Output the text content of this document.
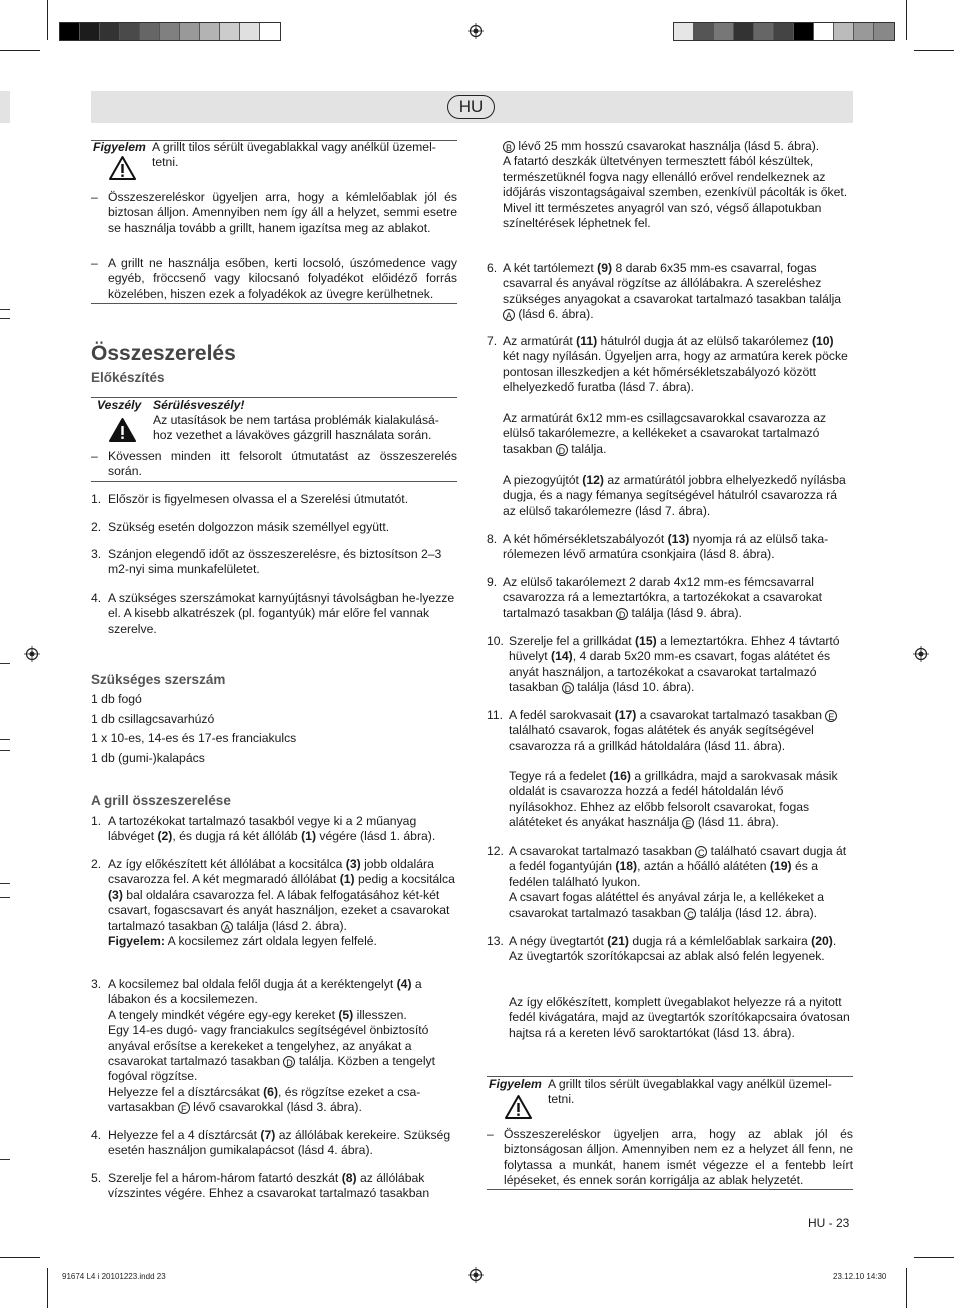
HU
Figyelem A grillt tilos sérült üvegablakkal vagy anélkül üzemel-tetni.
– Összeszereléskor ügyeljen arra, hogy a kémlelőablak jól és biztosan álljon. Amennyiben nem így áll a helyzet, semmi esetre se használja tovább a grillt, hanem igazítsa meg az ablakot.
– A grillt ne használja esőben, kerti locsoló, úszómedence vagy egyéb, fröccsenő vagy kilocsanó folyadékot előidéző forrás közelében, hiszen ezek a folyadékok az üvegre kerülhetnek.
Összeszerelés
Előkészítés
Veszély Sérülésveszély!
Az utasítások be nem tartása problémák kialakulásá-hoz vezethet a lávaköves gázgrill használata során.
– Kövessen minden itt felsorolt útmutatást az összeszerelés során.
1. Először is figyelmesen olvassa el a Szerelési útmutatót.
2. Szükség esetén dolgozzon másik személlyel együtt.
3. Szánjon elegendő időt az összeszerelésre, és biztosítson 2–3 m2-nyi sima munkafelületet.
4. A szükséges szerszámokat karnyújtásnyi távolságban he-lyezze el. A kisebb alkatrészek (pl. fogantyúk) már előre fel vannak szerelve.
Szükséges szerszám
1 db fogó
1 db csillagcsavarhúzó
1 x 10-es, 14-es és 17-es franciakulcs
1 db (gumi-)kalapács
A grill összeszerelése
1. A tartozékokat tartalmazó tasakból vegye ki a 2 műanyag lábvéget (2), és dugja rá két állóláb (1) végére (lásd 1. ábra).
2. Az így előkészített két állólábat a kocsitálca (3) jobb oldalára csavarozza fel. A két megmaradó állólábat (1) pedig a kocsitálca (3) bal oldalára csavarozza fel. A lábak felfogatásához két-két csavart, fogascsavart és anyát használjon, ezeket a csavarokat tartalmazó tasakban A találja (lásd 2. ábra).
Figyelem: A kocsilemez zárt oldala legyen felfelé.
3. A kocsilemez bal oldala felől dugja át a keréktengelyt (4) a lábakon és a kocsilemezen.
A tengely mindkét végére egy-egy kereket (5) illesszen.
Egy 14-es dugó- vagy franciakulcs segítségével önbiztosító anyával erősítse a kerekeket a tengelyhez, az anyákat a csavarokat tartalmazó tasakban D találja. Közben a tengelyt fogóval rögzítse.
Helyezze fel a dísztárcsákat (6), és rögzítse ezeket a csavartasakban F lévő csavarokkal (lásd 3. ábra).
4. Helyezze fel a 4 dísztárcsát (7) az állólábak kerekeire. Szükség esetén használjon gumikalapácsot (lásd 4. ábra).
5. Szerelje fel a három-három fatartó deszkát (8) az állólábak vízszintes végére. Ehhez a csavarokat tartalmazó tasakban
B lévő 25 mm hosszú csavarokat használja (lásd 5. ábra).
A fatartó deszkák ültetvényen termesztett fából készültek, természetüknél fogva nagy ellenálló erővel rendelkeznek az időjárás viszontagságaival szemben, ezenkívül pácolták is őket.
Mivel itt természetes anyagról van szó, végső állapotukban színeltérések léphetnek fel.
6. A két tartólemezt (9) 8 darab 6x35 mm-es csavarral, fogas csavarral és anyával rögzítse az állólábakra. A szereléshez szükséges anyagokat a csavarokat tartalmazó tasakban találja A (lásd 6. ábra).
7. Az armatúrát (11) hátulról dugja át az elülső takarólemez (10) két nagy nyílásán. Ügyeljen arra, hogy az armatúra kerek pöcke pontosan illeszkedjen a két hőmérsékletszabályozó között elhelyezkedő furatba (lásd 7. ábra).
Az armatúrát 6x12 mm-es csillagcsavarokkal csavarozza az elülső takarólemezre, a kellékeket a csavarokat tartalmazó tasakban D találja.
A piezogyújtót (12) az armatúrától jobbra elhelyezkedő nyílásba dugja, és a nagy fémanya segítségével hátulról csavarozza rá az elülső takarólemezre (lásd 7. ábra).
8. A két hőmérsékletszabályozót (13) nyomja rá az elülső takarólemezen lévő armatúra csonkjaira (lásd 8. ábra).
9. Az elülső takarólemezt 2 darab 4x12 mm-es fémcsavarral csavarozza rá a lemeztartókra, a tartozékokat a csavarokat tartalmazó tasakban D találja (lásd 9. ábra).
10. Szerelje fel a grillkádat (15) a lemeztartókra. Ehhez 4 távtartó hüvelyt (14), 4 darab 5x20 mm-es csavart, fogas alátétet és anyát használjon, a tartozékokat a csavarokat tartalmazó tasakban D találja (lásd 10. ábra).
11. A fedél sarokvasait (17) a csavarokat tartalmazó tasakban E található csavarok, fogas alátétek és anyák segítségével csavarozza rá a grillkád hátoldalára (lásd 11. ábra).
Tegye rá a fedelet (16) a grillkádra, majd a sarokvasak másik oldalát is csavarozza hozzá a fedél hátoldalán lévő nyílásokhoz. Ehhez az előbb felsorolt csavarokat, fogas alátéteket és anyákat használja E (lásd 11. ábra).
12. A csavarokat tartalmazó tasakban C található csavart dugja át a fedél fogantyúján (18), aztán a hőálló alátéten (19) és a fedélen található lyukon.
A csavart fogas alátéttel és anyával zárja le, a kellékeket a csavarokat tartalmazó tasakban C találja (lásd 12. ábra).
13. A négy üvegtartót (21) dugja rá a kémlelőablak sarkaira (20).
Az üvegtartók szorítókapcsai az ablak alsó felén legyenek.
Az így előkészített, komplett üvegablakot helyezze rá a nyitott fedél kivágatára, majd az üvegtartók szorítókapcsaira óvatosan hajtsa rá a kereten lévő saroktartókat (lásd 13. ábra).
Figyelem A grillt tilos sérült üvegablakkal vagy anélkül üzemel-tetni.
– Összeszereléskor ügyeljen arra, hogy az ablak jól és biztonságosan álljon. Amennyiben nem ez a helyzet áll fenn, ne folytassa a munkát, hanem ismét végezze el a fentebb leírt lépéseket, és ennek során korrigálja az ablak helyzetét.
HU - 23
91674 L4 i 20101223.indd 23	23.12.10 14:30
